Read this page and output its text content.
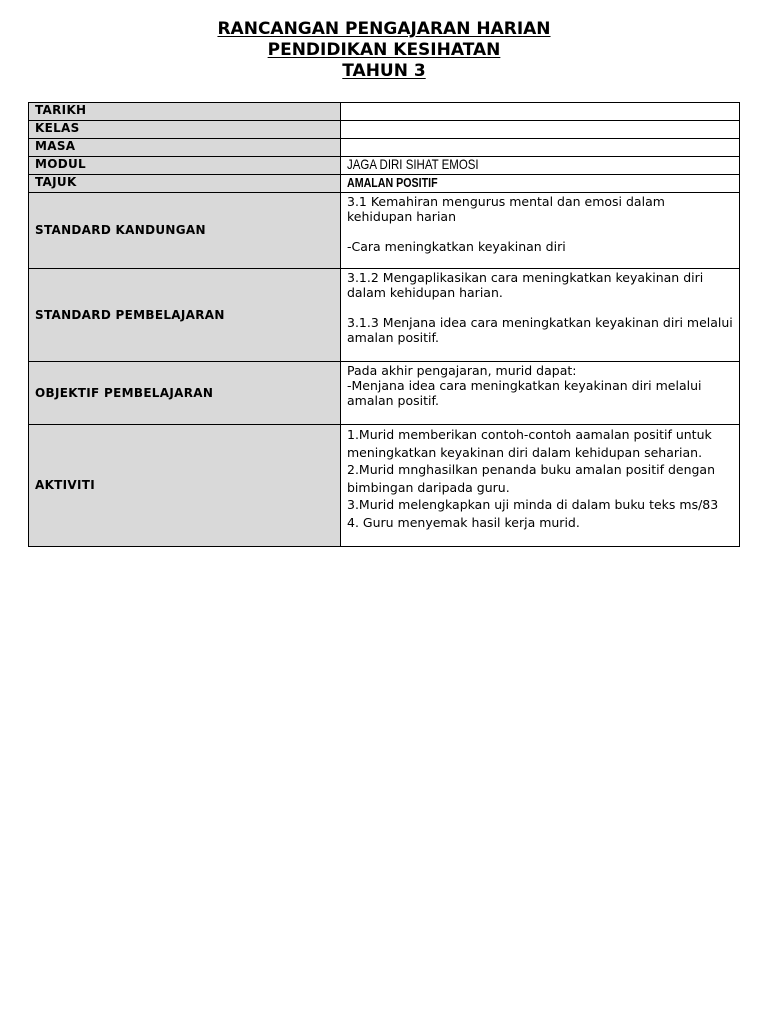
RANCANGAN PENGAJARAN HARIAN

PENDIDIKAN KESIHATAN

TAHUN 3

TARIKH	
KELAS	
MASA	
MODUL	JAGA DIRI SIHAT EMOSI
TAJUK	AMALAN POSITIF
STANDARD KANDUNGAN	3.1 Kemahiran mengurus mental dan emosi dalam kehidupan harian

-Cara meningkatkan keyakinan diri

STANDARD PEMBELAJARAN	3.1.2 Mengaplikasikan cara meningkatkan keyakinan diri dalam kehidupan harian.

3.1.3 Menjana idea cara meningkatkan keyakinan diri melalui amalan positif.

OBJEKTIF PEMBELAJARAN	Pada akhir pengajaran, murid dapat:

-Menjana idea cara meningkatkan keyakinan diri melalui amalan positif.

AKTIVITI	1.Murid memberikan contoh-contoh aamalan positif untuk meningkatkan keyakinan diri dalam kehidupan seharian.

2.Murid mnghasilkan penanda buku amalan positif dengan bimbingan daripada guru.

3.Murid melengkapkan uji minda di dalam buku teks ms/83

4. Guru menyemak hasil kerja murid.
